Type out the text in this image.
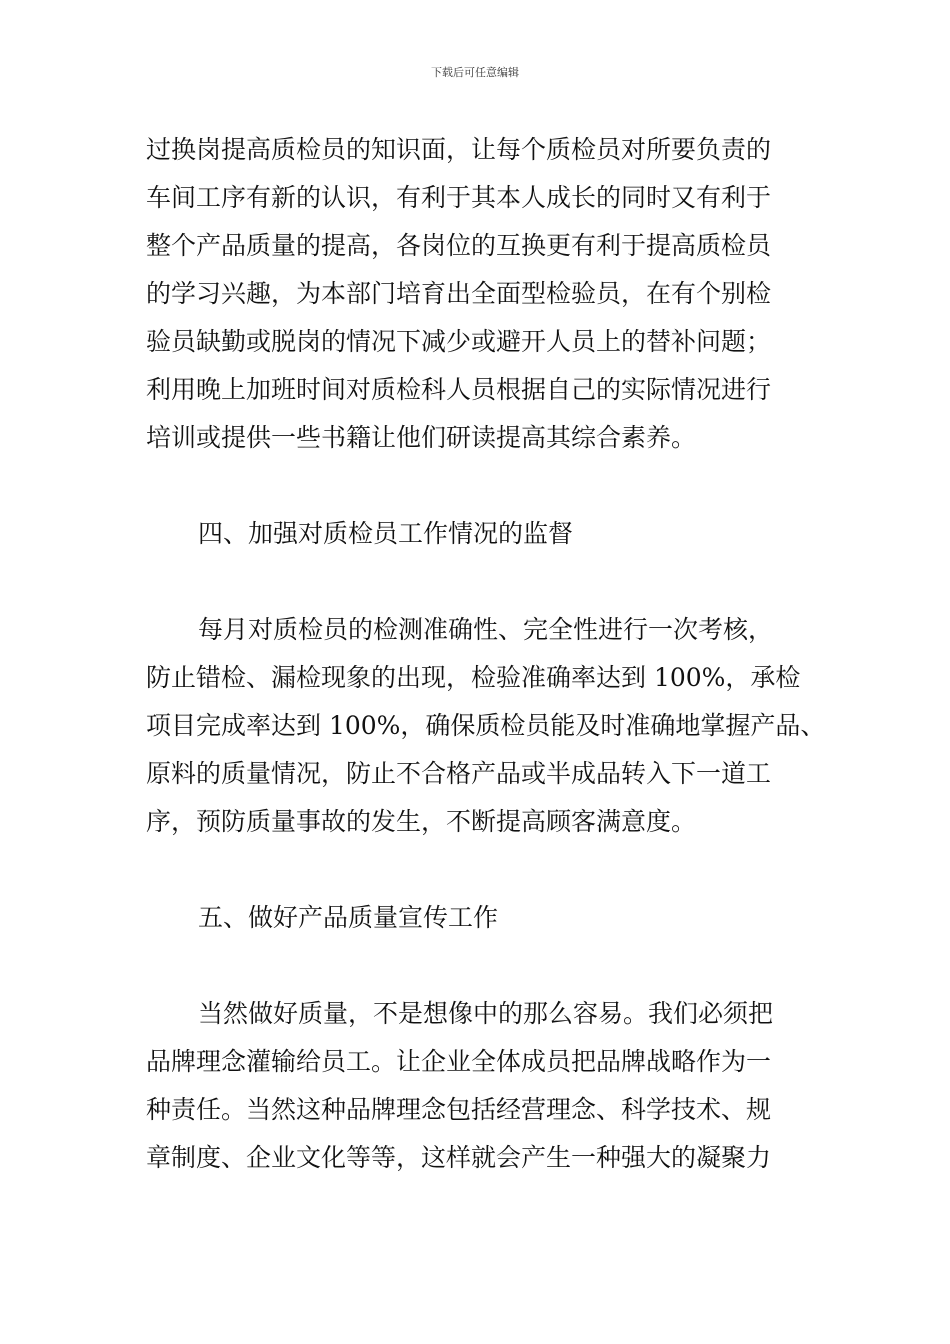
下载后可任意编辑
过换岗提高质检员的知识面，让每个质检员对所要负责的
车间工序有新的认识，有利于其本人成长的同时又有利于
整个产品质量的提高，各岗位的互换更有利于提高质检员
的学习兴趣，为本部门培育出全面型检验员，在有个别检
验员缺勤或脱岗的情况下减少或避开人员上的替补问题；
利用晚上加班时间对质检科人员根据自己的实际情况进行
培训或提供一些书籍让他们研读提高其综合素养。
四、加强对质检员工作情况的监督
每月对质检员的检测准确性、完全性进行一次考核，
防止错检、漏检现象的出现，检验准确率达到 100%，承检
项目完成率达到 100%，确保质检员能及时准确地掌握产品、
原料的质量情况，防止不合格产品或半成品转入下一道工
序，预防质量事故的发生，不断提高顾客满意度。
五、做好产品质量宣传工作
当然做好质量，不是想像中的那么容易。我们必须把
品牌理念灌输给员工。让企业全体成员把品牌战略作为一
种责任。当然这种品牌理念包括经营理念、科学技术、规
章制度、企业文化等等，这样就会产生一种强大的凝聚力
